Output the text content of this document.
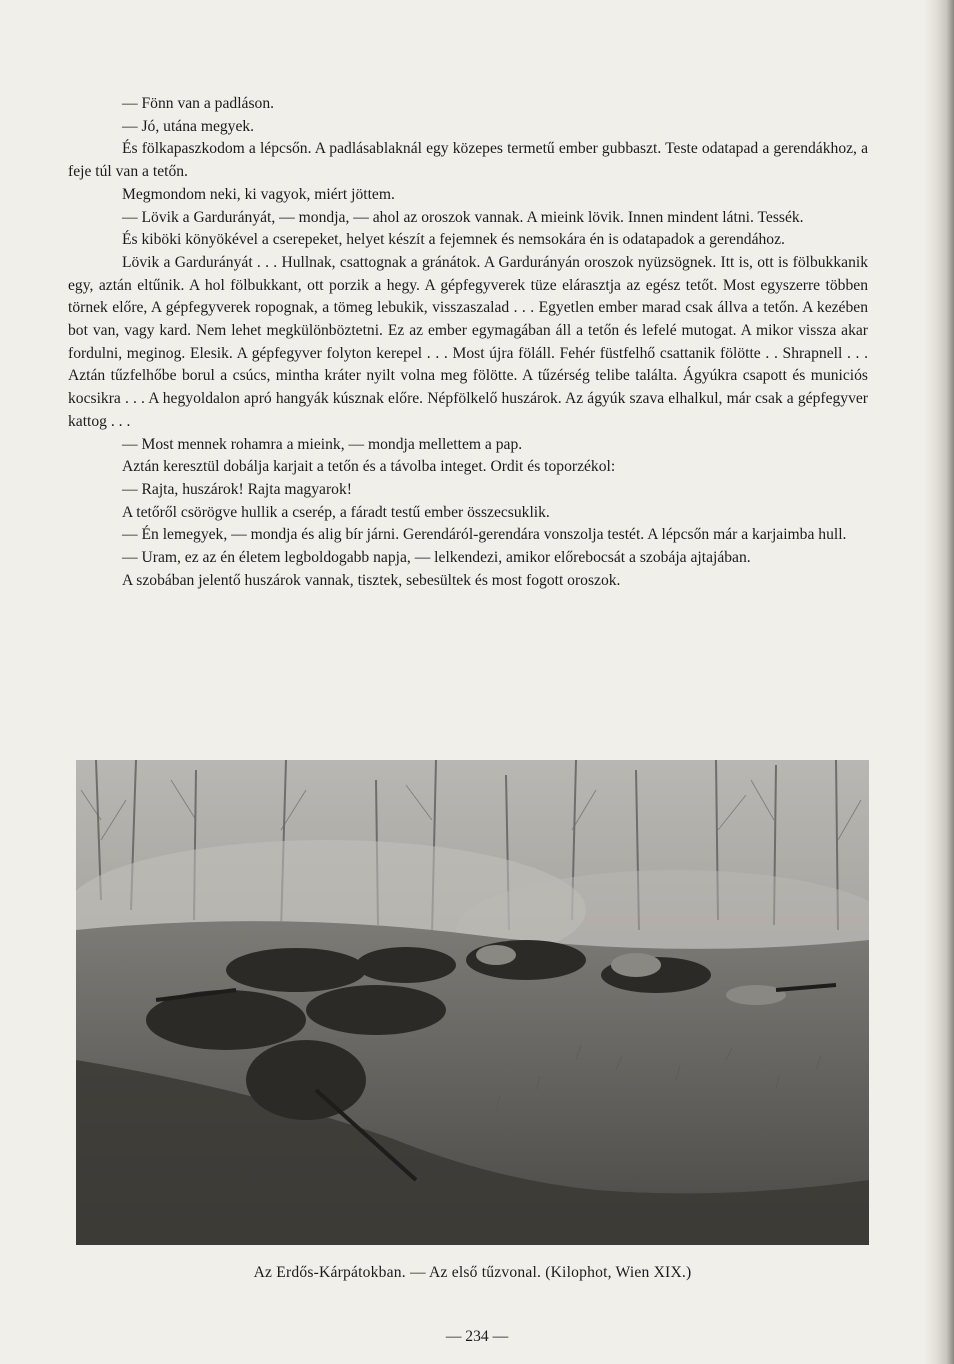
— Fönn van a padláson.

— Jó, utána megyek.

És fölkapaszkodom a lépcsőn. A padlásablaknál egy közepes termetű ember gubbaszt. Teste odatapad a gerendákhoz, a feje túl van a tetőn.

Megmondom neki, ki vagyok, miért jöttem.

— Lövik a Gardurányát, — mondja, — ahol az oroszok vannak. A mieink lövik. Innen mindent látni. Tessék.

És kiböki könyökével a cserepeket, helyet készít a fejemnek és nemsokára én is odatapadok a gerendához.

Lövik a Gardurányát . . . Hullnak, csattognak a gránátok. A Gardurányán oroszok nyüzsögnek. Itt is, ott is fölbukkanik egy, aztán eltűnik. A hol fölbukkant, ott porzik a hegy. A gépfegyverek tüze elárasztja az egész tetőt. Most egyszerre többen törnek előre, A gépfegyverek ropognak, a tömeg lebukik, visszaszalad . . . Egyetlen ember marad csak állva a tetőn. A kezében bot van, vagy kard. Nem lehet megkülönböztetni. Ez az ember egymagában áll a tetőn és lefelé mutogat. A mikor vissza akar fordulni, meginog. Elesik. A gépfegyver folyton kerepel . . . Most újra föláll. Fehér füstfelhő csattanik fölötte . . Shrapnell . . . Aztán tűzfelhőbe borul a csúcs, mintha kráter nyilt volna meg fölötte. A tűzérség telibe találta. Ágyúkra csapott és municiós kocsikra . . . A hegyoldalon apró hangyák kúsznak előre. Népfölkelő huszárok. Az ágyúk szava elhalkul, már csak a gépfegyver kattog . . .

— Most mennek rohamra a mieink, — mondja mellettem a pap.

Aztán keresztül dobálja karjait a tetőn és a távolba integet. Ordit és toporzékol:

— Rajta, huszárok! Rajta magyarok!

A tetőről csörögve hullik a cserép, a fáradt testű ember összecsuklik.

— Én lemegyek, — mondja és alig bír járni. Gerendáról-gerendára vonszolja testét. A lépcsőn már a karjaimba hull.

— Uram, ez az én életem legboldogabb napja, — lelkendezi, amikor előrebocsát a szobája ajtajában.

A szobában jelentő huszárok vannak, tisztek, sebesültek és most fogott oroszok.

Az Erdős-Kárpátokban. — Az első tűzvonal. (Kilophot, Wien XIX.)
— 234 —
